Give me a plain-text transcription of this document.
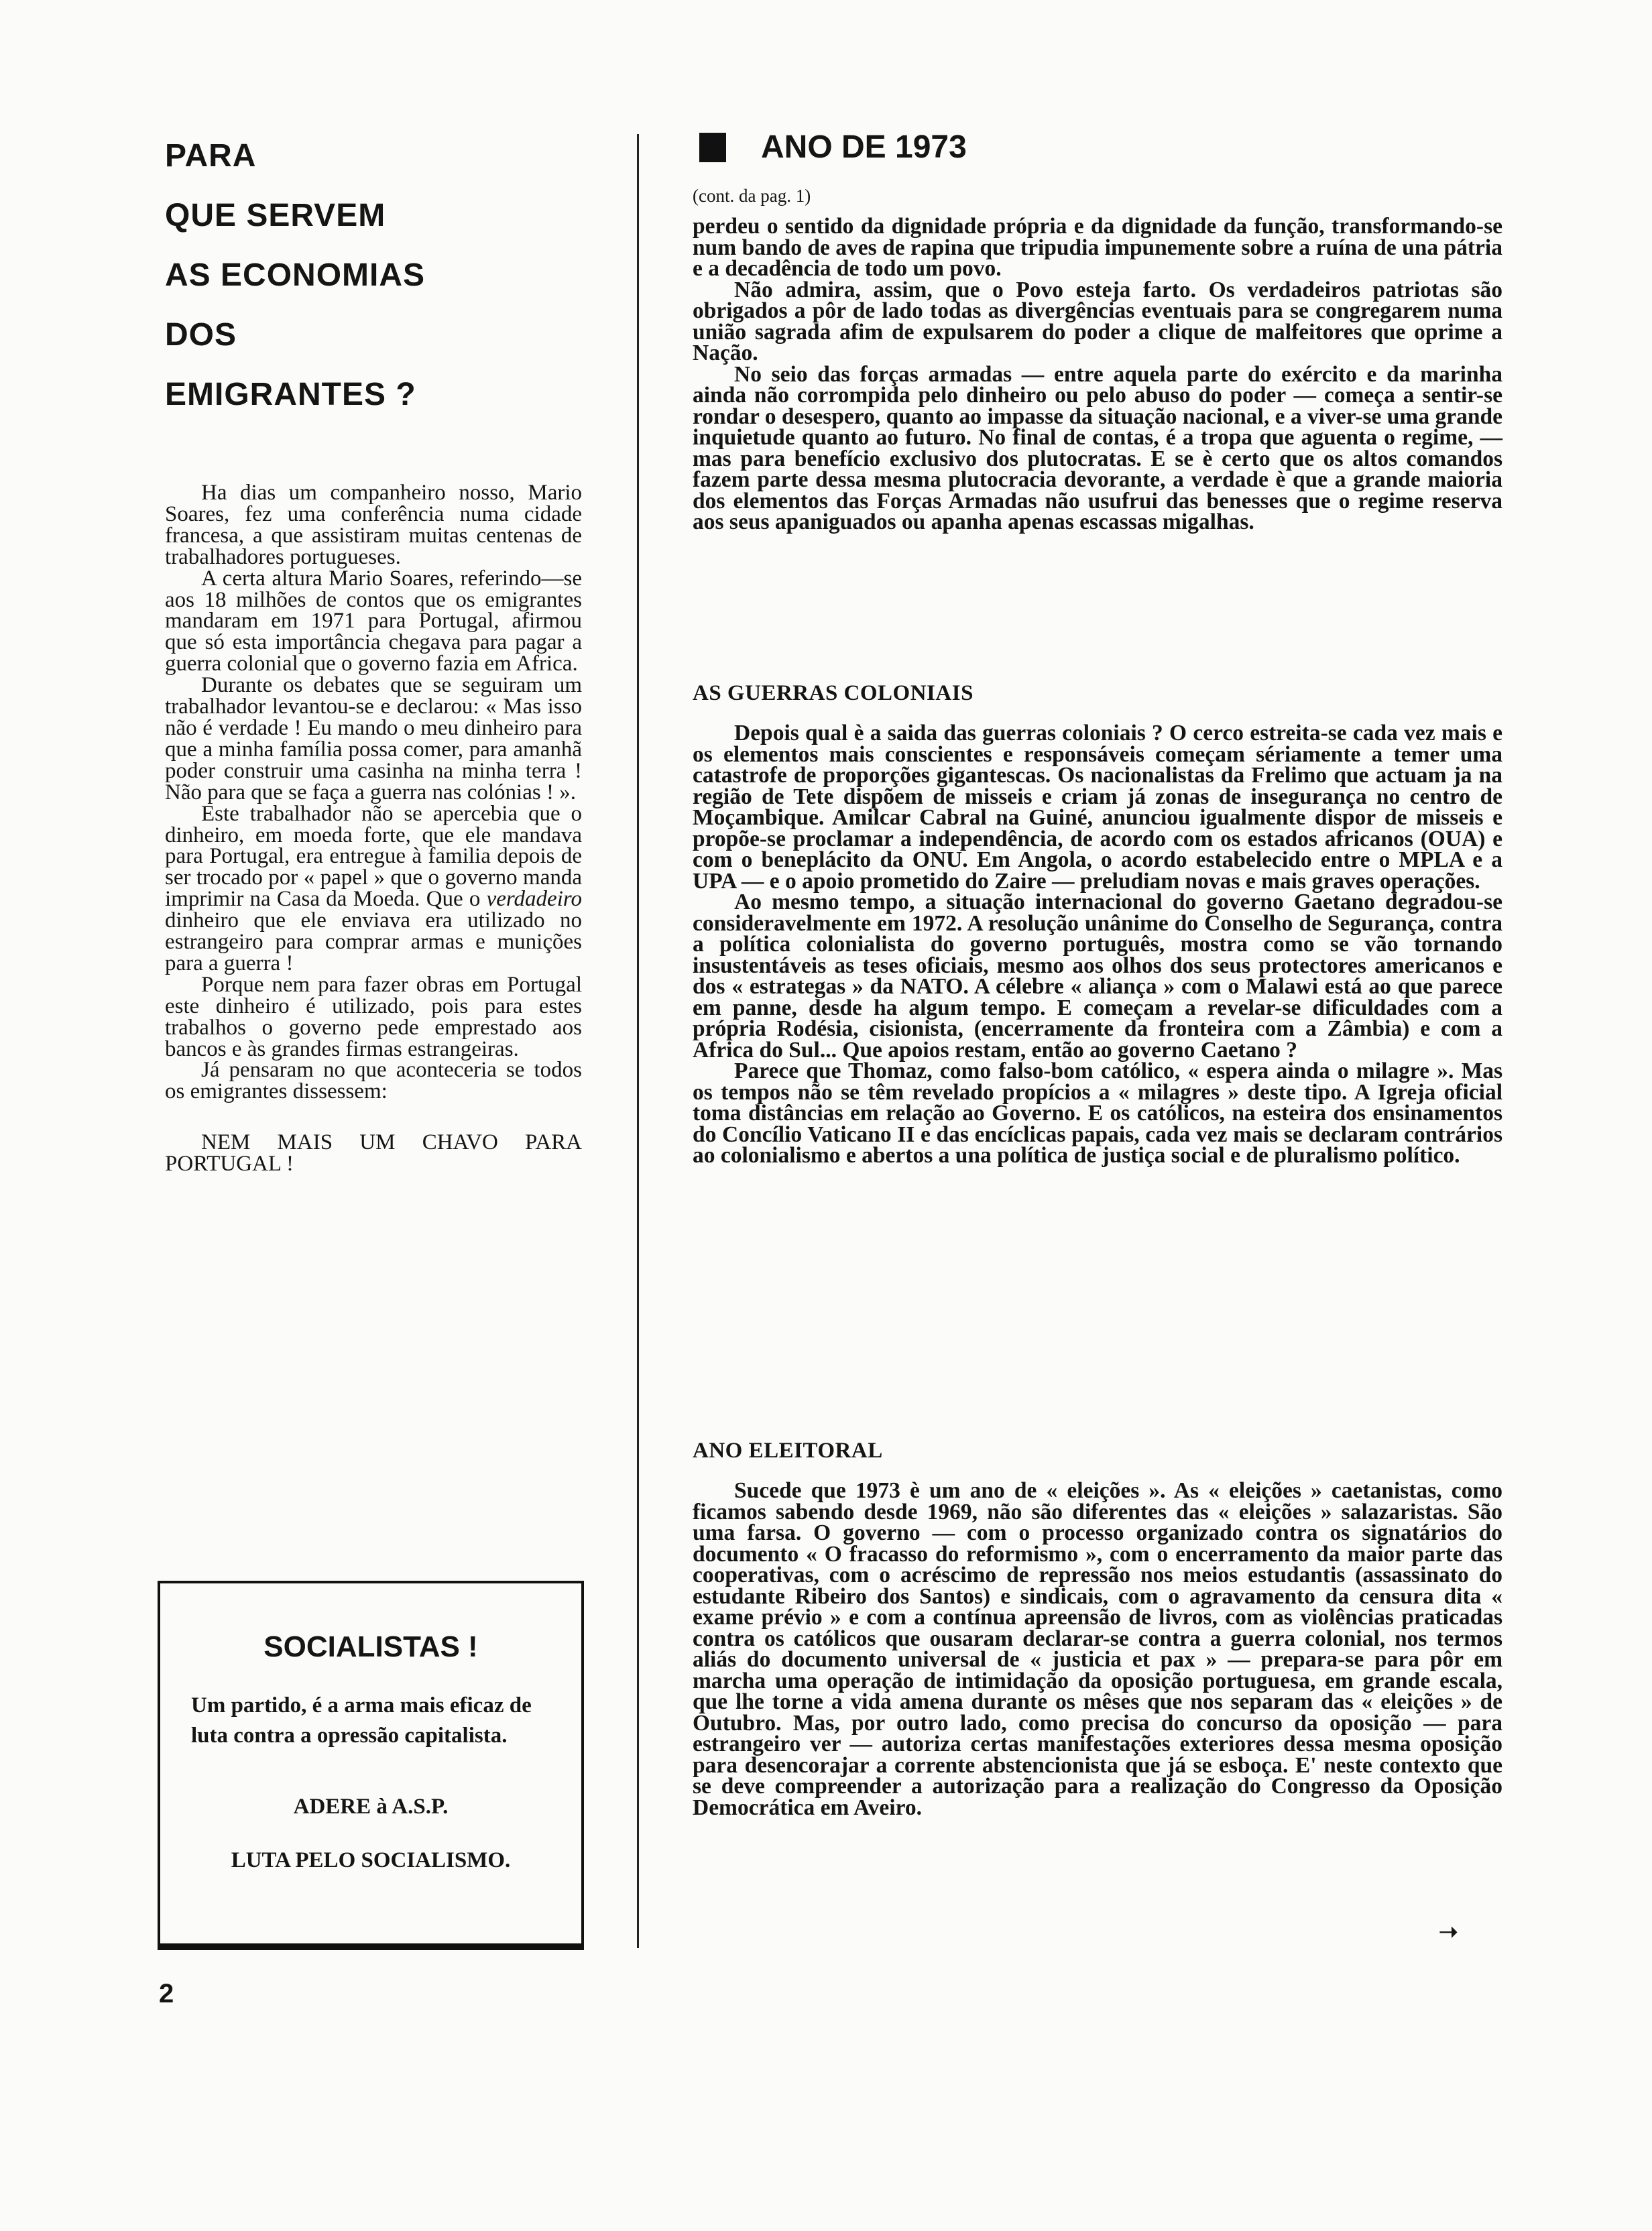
PARA
QUE SERVEM
AS ECONOMIAS
DOS
EMIGRANTES ?

Ha dias um companheiro nosso, Mario Soares, fez uma conferência numa cidade francesa, a que assistiram muitas centenas de trabalhadores portugueses.

A certa altura Mario Soares, referindo—se aos 18 milhões de contos que os emigrantes mandaram em 1971 para Portugal, afirmou que só esta importância chegava para pagar a guerra colonial que o governo fazia em Africa.

Durante os debates que se seguiram um trabalhador levantou-se e declarou: « Mas isso não é verdade ! Eu mando o meu dinheiro para que a minha família possa comer, para amanhã poder construir uma casinha na minha terra ! Não para que se faça a guerra nas colónias ! ».

Este trabalhador não se apercebia que o dinheiro, em moeda forte, que ele mandava para Portugal, era entregue à familia depois de ser trocado por « papel » que o governo manda imprimir na Casa da Moeda. Que o verdadeiro dinheiro que ele enviava era utilizado no estrangeiro para comprar armas e munições para a guerra !

Porque nem para fazer obras em Portugal este dinheiro é utilizado, pois para estes trabalhos o governo pede emprestado aos bancos e às grandes firmas estrangeiras.

Já pensaram no que aconteceria se todos os emigrantes dissessem:

NEM MAIS UM CHAVO PARA PORTUGAL !

SOCIALISTAS !
Um partido, é a arma mais eficaz de luta contra a opressão capitalista.
ADERE à A.S.P.
LUTA PELO SOCIALISMO.
2
ANO DE 1973
(cont. da pag. 1)

perdeu o sentido da dignidade própria e da dignidade da função, transformando-se num bando de aves de rapina que tripudia impunemente sobre a ruína de una pátria e a decadência de todo um povo.

Não admira, assim, que o Povo esteja farto. Os verdadeiros patriotas são obrigados a pôr de lado todas as divergências eventuais para se congregarem numa união sagrada afim de expulsarem do poder a clique de malfeitores que oprime a Nação.

No seio das forças armadas — entre aquela parte do exército e da marinha ainda não corrompida pelo dinheiro ou pelo abuso do poder — começa a sentir-se rondar o desespero, quanto ao impasse da situação nacional, e a viver-se uma grande inquietude quanto ao futuro. No final de contas, é a tropa que aguenta o regime, — mas para benefício exclusivo dos plutocratas. E se è certo que os altos comandos fazem parte dessa mesma plutocracia devorante, a verdade è que a grande maioria dos elementos das Forças Armadas não usufrui das benesses que o regime reserva aos seus apaniguados ou apanha apenas escassas migalhas.

AS GUERRAS COLONIAIS

Depois qual è a saida das guerras coloniais ? O cerco estreita-se cada vez mais e os elementos mais conscientes e responsáveis começam sériamente a temer uma catastrofe de proporções gigantescas. Os nacionalistas da Frelimo que actuam ja na região de Tete dispõem de misseis e criam já zonas de insegurança no centro de Moçambique. Amilcar Cabral na Guiné, anunciou igualmente dispor de misseis e propõe-se proclamar a independência, de acordo com os estados africanos (OUA) e com o beneplácito da ONU. Em Angola, o acordo estabelecido entre o MPLA e a UPA — e o apoio prometido do Zaire — preludiam novas e mais graves operações.

Ao mesmo tempo, a situação internacional do governo Gaetano degradou-se consideravelmente em 1972. A resolução unânime do Conselho de Segurança, contra a política colonialista do governo português, mostra como se vão tornando insustentáveis as teses oficiais, mesmo aos olhos dos seus protectores americanos e dos « estrategas » da NATO. A célebre « aliança » com o Malawi está ao que parece em panne, desde ha algum tempo. E começam a revelar-se dificuldades com a própria Rodésia, cisionista, (encerramente da fronteira com a Zâmbia) e com a Africa do Sul... Que apoios restam, então ao governo Caetano ?

Parece que Thomaz, como falso-bom católico, « espera ainda o milagre ». Mas os tempos não se têm revelado propícios a « milagres » deste tipo. A Igreja oficial toma distâncias em relação ao Governo. E os católicos, na esteira dos ensinamentos do Concílio Vaticano II e das encíclicas papais, cada vez mais se declaram contrários ao colonialismo e abertos a una política de justiça social e de pluralismo político.

ANO ELEITORAL

Sucede que 1973 è um ano de « eleições ». As « eleições » caetanistas, como ficamos sabendo desde 1969, não são diferentes das « eleições » salazaristas. São uma farsa. O governo — com o processo organizado contra os signatários do documento « O fracasso do reformismo », com o encerramento da maior parte das cooperativas, com o acréscimo de repressão nos meios estudantis (assassinato do estudante Ribeiro dos Santos) e sindicais, com o agravamento da censura dita « exame prévio » e com a contínua apreensão de livros, com as violências praticadas contra os católicos que ousaram declarar-se contra a guerra colonial, nos termos aliás do documento universal de « justicia et pax » — prepara-se para pôr em marcha uma operação de intimidação da oposição portuguesa, em grande escala, que lhe torne a vida amena durante os mêses que nos separam das « eleições » de Outubro. Mas, por outro lado, como precisa do concurso da oposição — para estrangeiro ver — autoriza certas manifestações exteriores dessa mesma oposição para desencorajar a corrente abstencionista que já se esboça. E' neste contexto que se deve compreender a autorização para a realização do Congresso da Oposição Democrática em Aveiro.

➝
